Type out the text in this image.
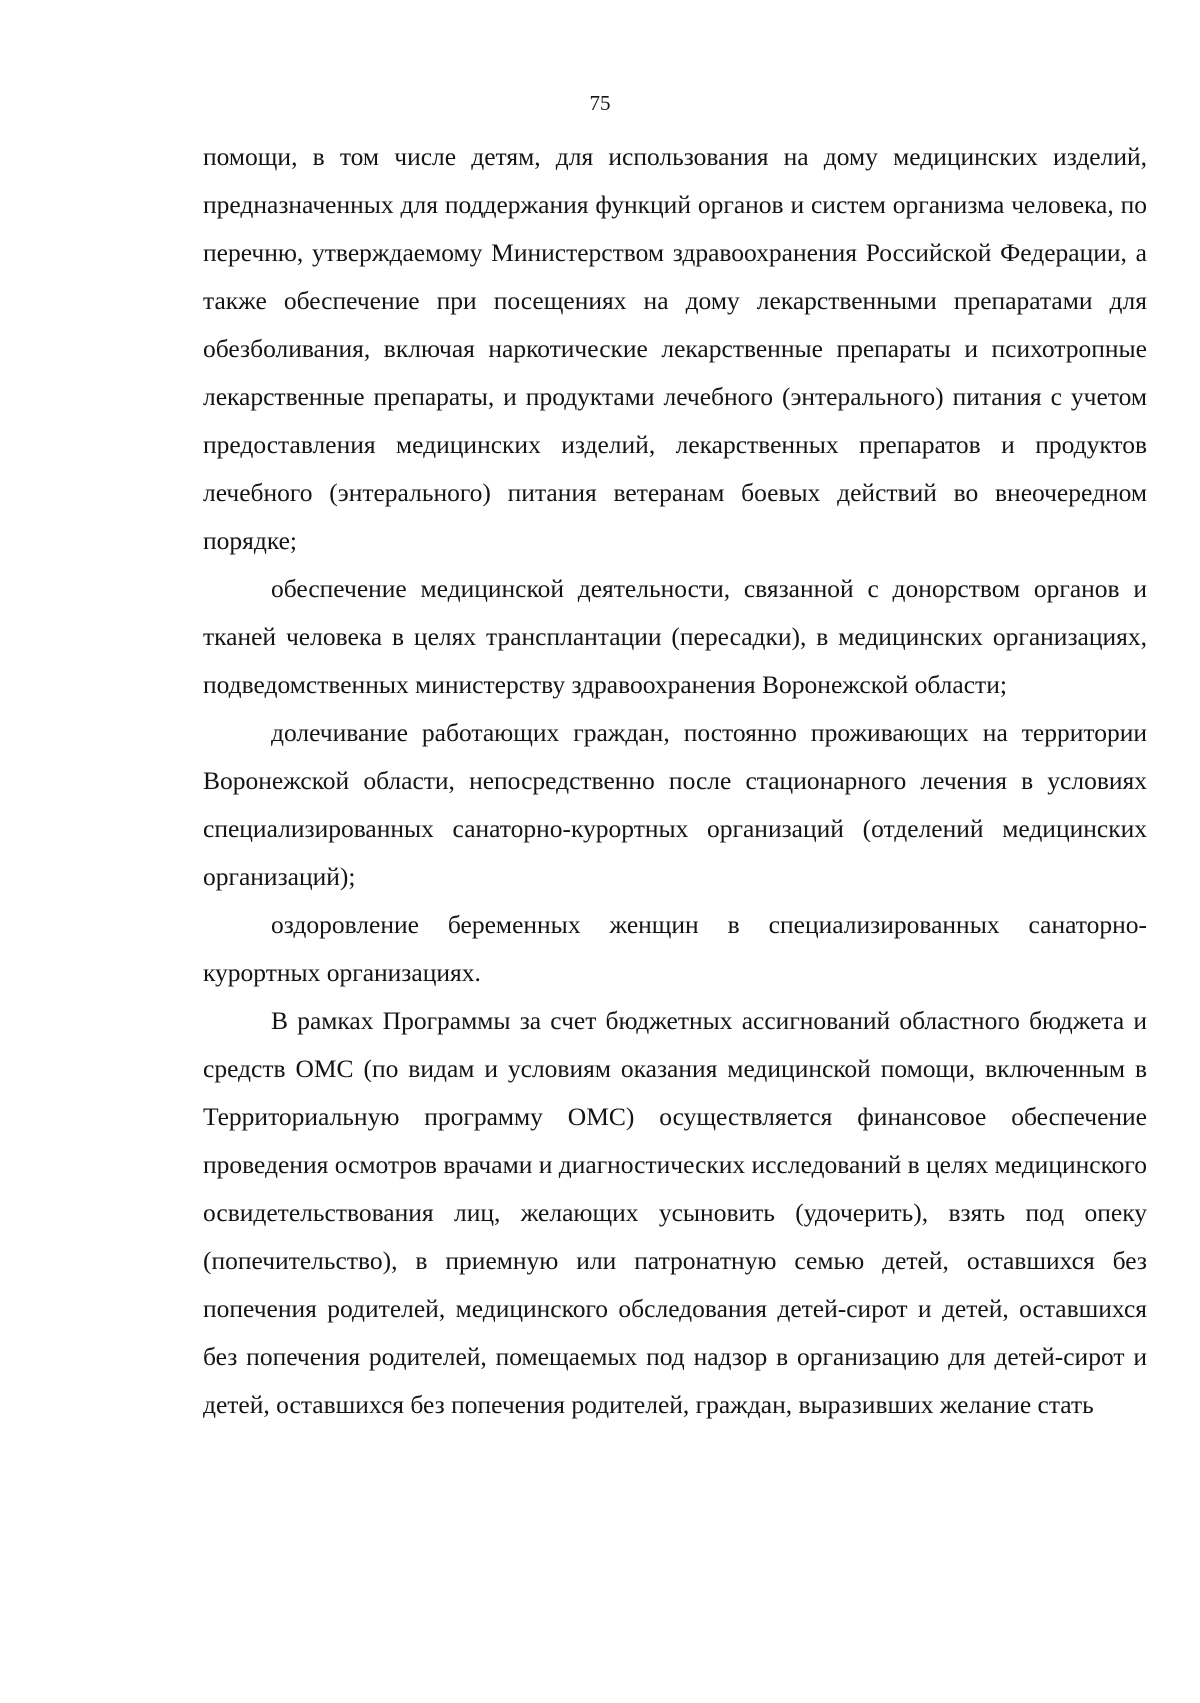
75

помощи, в том числе детям, для использования на дому медицинских изделий, предназначенных для поддержания функций органов и систем организма человека, по перечню, утверждаемому Министерством здравоохранения Российской Федерации, а также обеспечение при посещениях на дому лекарственными препаратами для обезболивания, включая наркотические лекарственные препараты и психотропные лекарственные препараты, и продуктами лечебного (энтерального) питания с учетом предоставления медицинских изделий, лекарственных препаратов и продуктов лечебного (энтерального) питания ветеранам боевых действий во внеочередном порядке;

обеспечение медицинской деятельности, связанной с донорством органов и тканей человека в целях трансплантации (пересадки), в медицинских организациях, подведомственных министерству здравоохранения Воронежской области;

долечивание работающих граждан, постоянно проживающих на территории Воронежской области, непосредственно после стационарного лечения в условиях специализированных санаторно-курортных организаций (отделений медицинских организаций);

оздоровление беременных женщин в специализированных санаторно-курортных организациях.

В рамках Программы за счет бюджетных ассигнований областного бюджета и средств ОМС (по видам и условиям оказания медицинской помощи, включенным в Территориальную программу ОМС) осуществляется финансовое обеспечение проведения осмотров врачами и диагностических исследований в целях медицинского освидетельствования лиц, желающих усыновить (удочерить), взять под опеку (попечительство), в приемную или патронатную семью детей, оставшихся без попечения родителей, медицинского обследования детей-сирот и детей, оставшихся без попечения родителей, помещаемых под надзор в организацию для детей-сирот и детей, оставшихся без попечения родителей, граждан, выразивших желание стать
